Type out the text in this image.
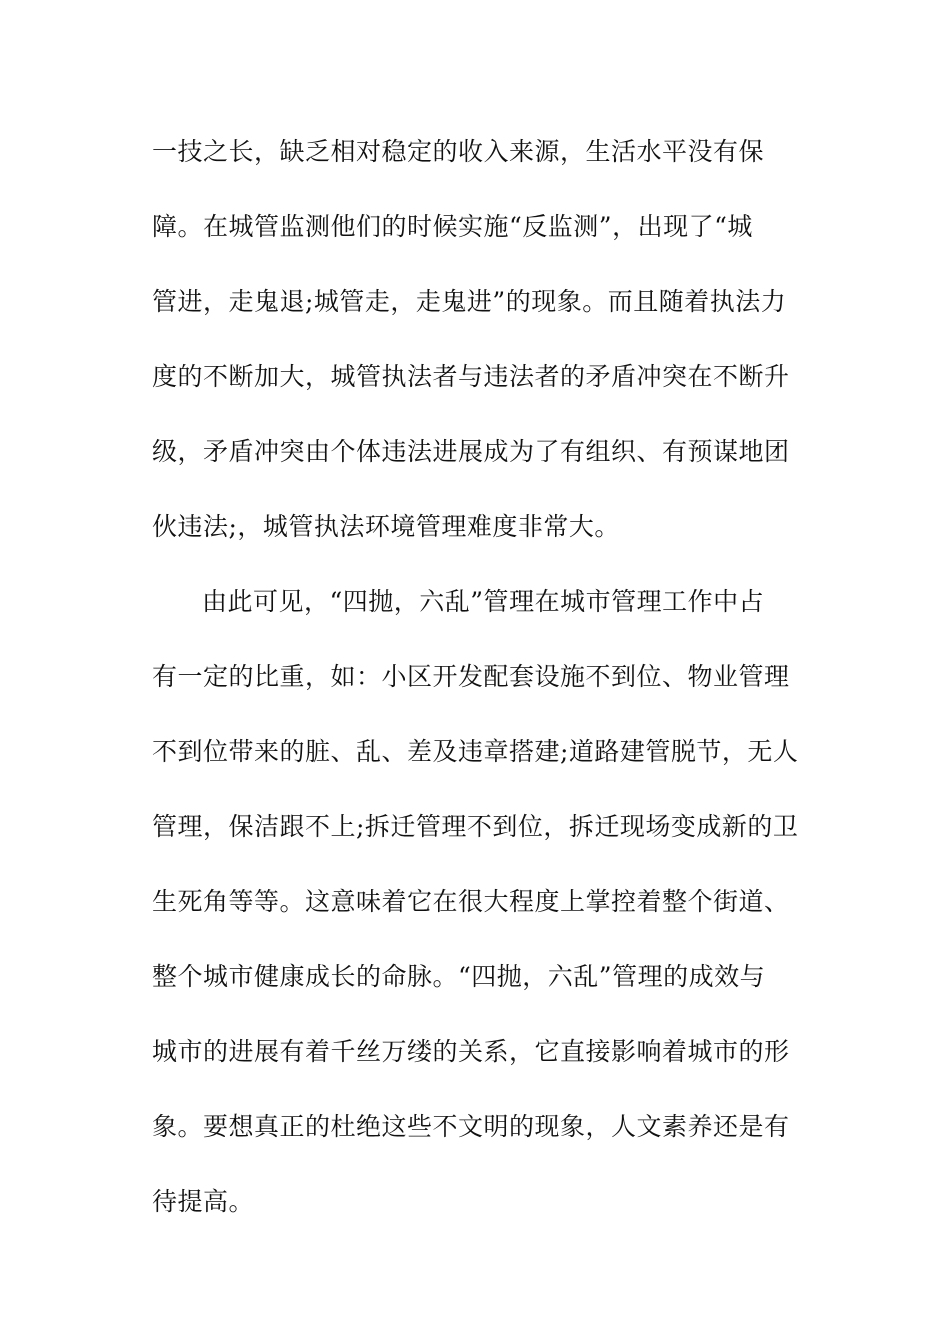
一技之长，缺乏相对稳定的收入来源，生活水平没有保
障。在城管监测他们的时候实施“反监测”，出现了“城
管进，走鬼退;城管走，走鬼进”的现象。而且随着执法力
度的不断加大，城管执法者与违法者的矛盾冲突在不断升
级，矛盾冲突由个体违法进展成为了有组织、有预谋地团
伙违法;，城管执法环境管理难度非常大。
由此可见，“四抛，六乱”管理在城市管理工作中占
有一定的比重，如：小区开发配套设施不到位、物业管理
不到位带来的脏、乱、差及违章搭建;道路建管脱节，无人
管理，保洁跟不上;拆迁管理不到位，拆迁现场变成新的卫
生死角等等。这意味着它在很大程度上掌控着整个街道、
整个城市健康成长的命脉。“四抛，六乱”管理的成效与
城市的进展有着千丝万缕的关系，它直接影响着城市的形
象。要想真正的杜绝这些不文明的现象，人文素养还是有
待提高。
